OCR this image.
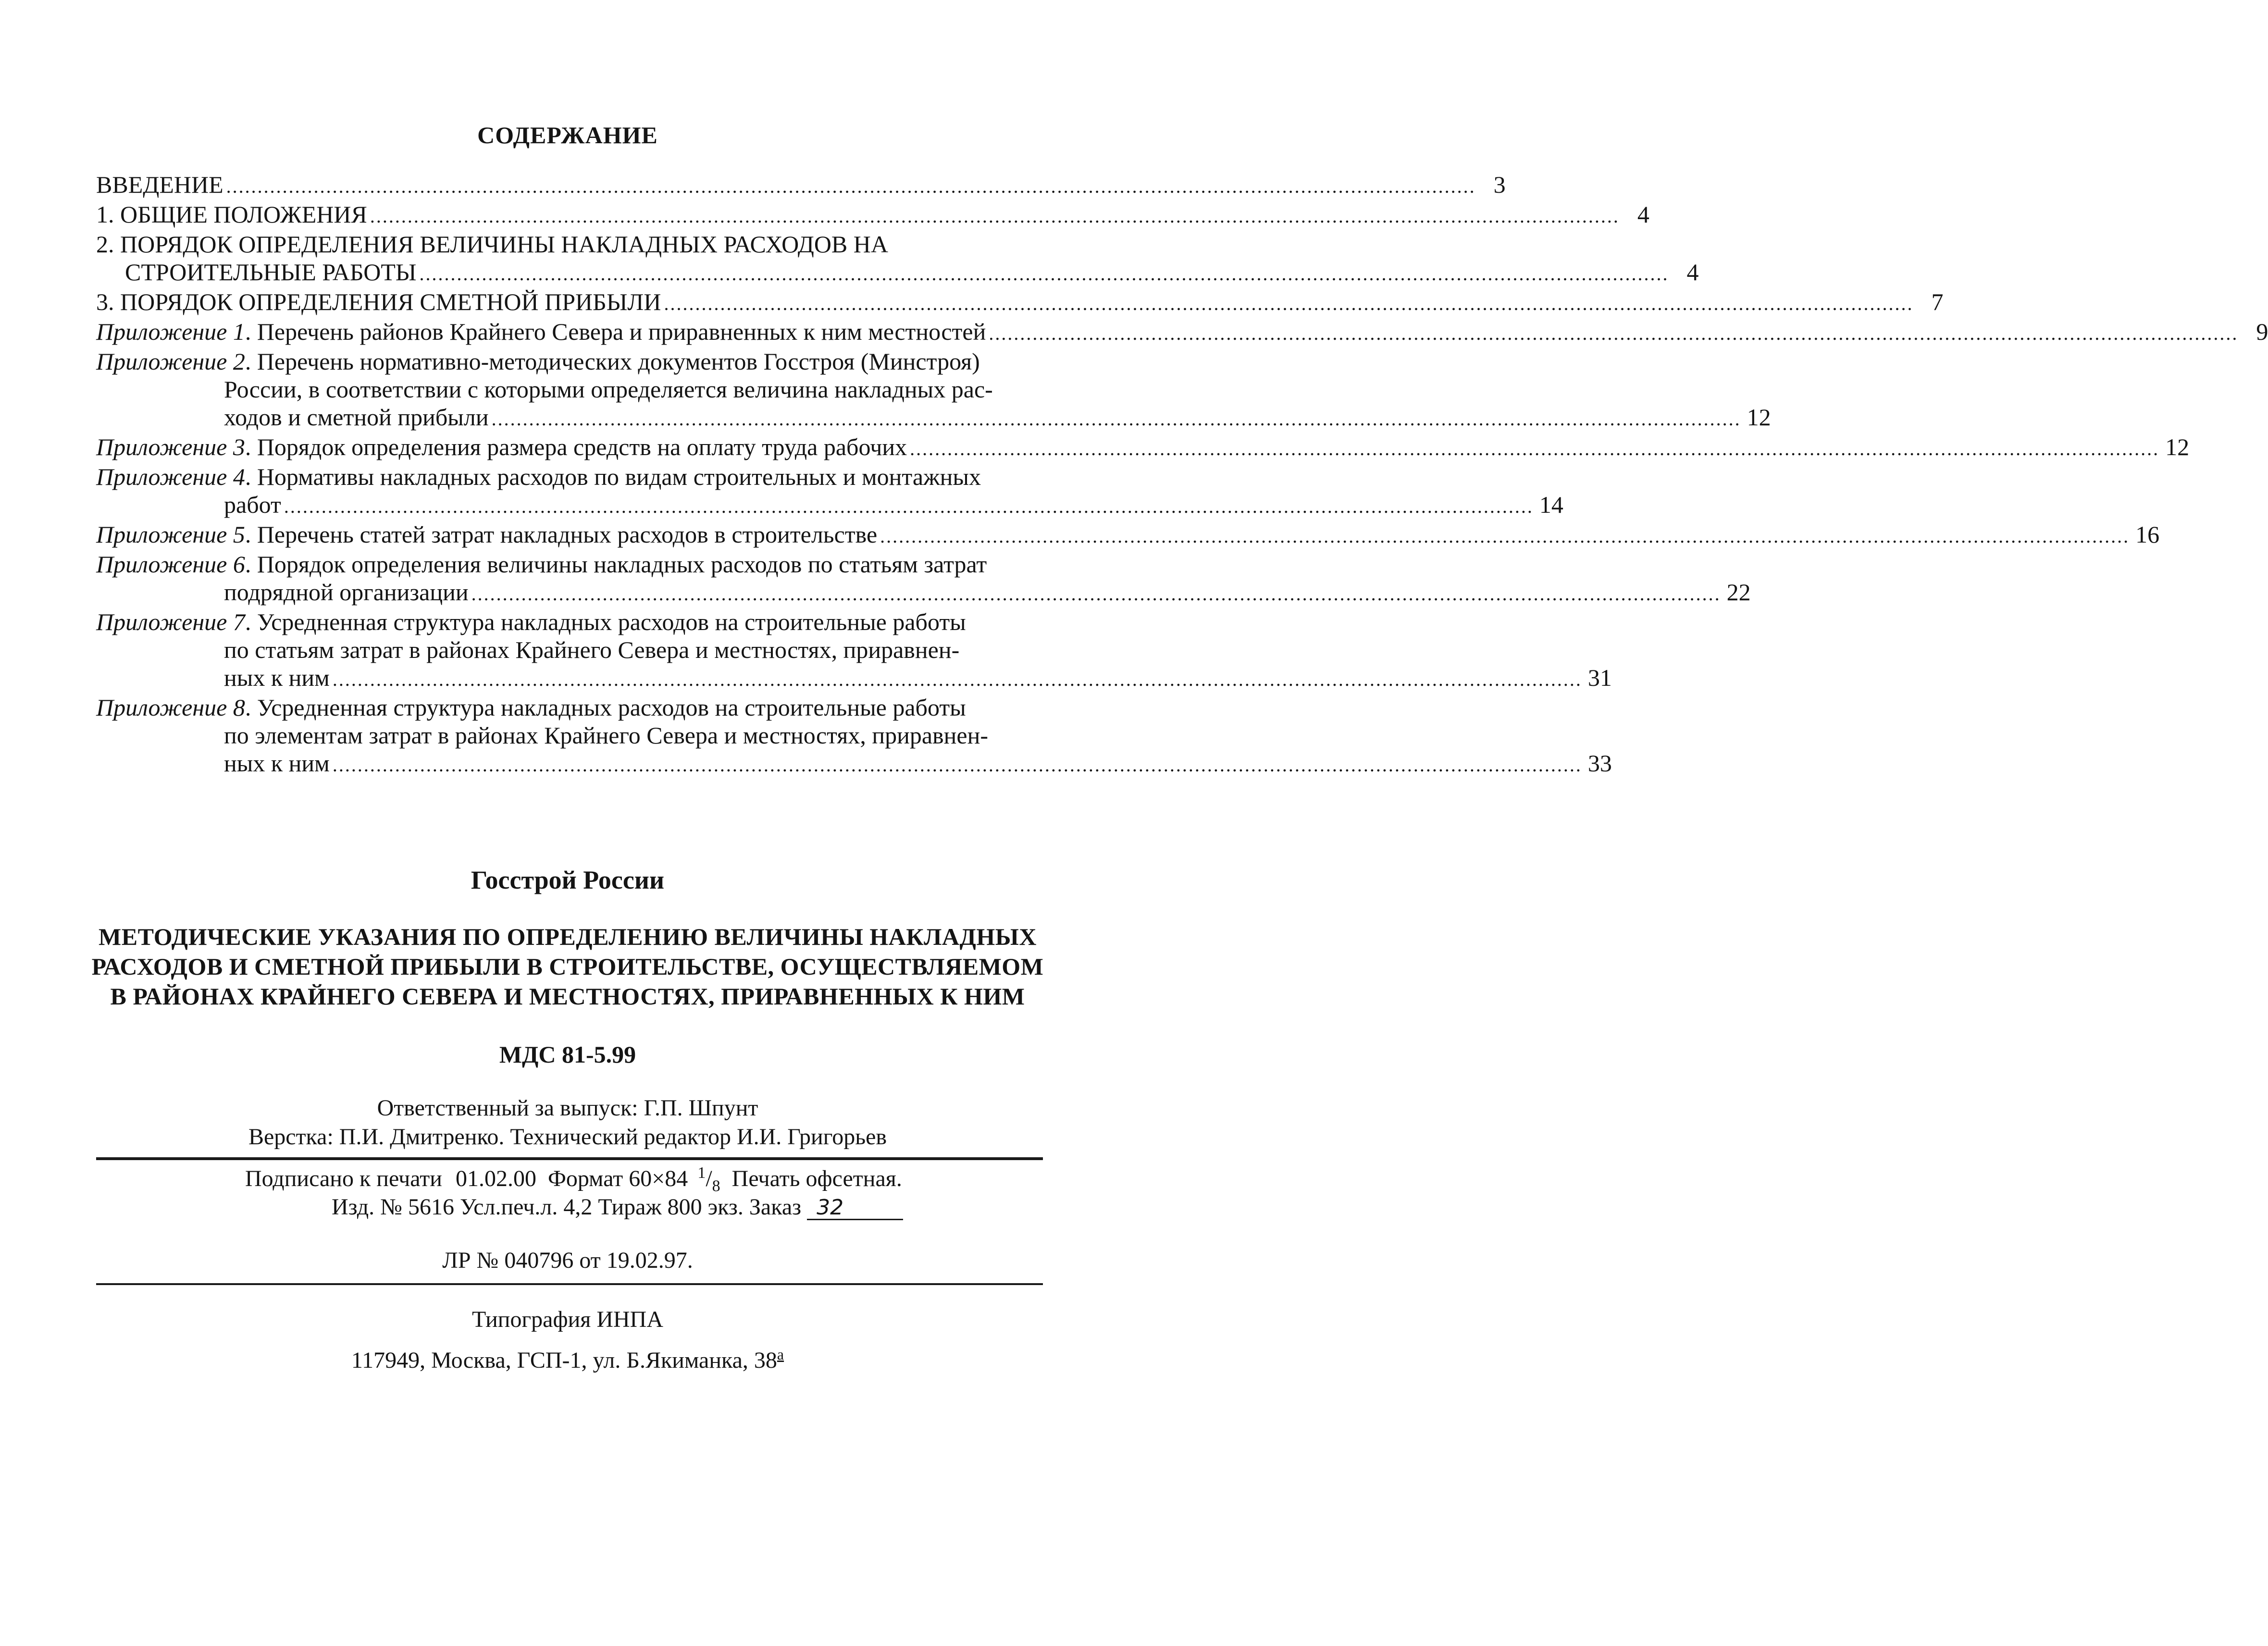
СОДЕРЖАНИЕ
ВВЕДЕНИЕ ........................................................................................................................................................................................................ 3
1. ОБЩИЕ ПОЛОЖЕНИЯ ........................................................................................................................................................................................................ 4
2. ПОРЯДОК ОПРЕДЕЛЕНИЯ ВЕЛИЧИНЫ НАКЛАДНЫХ РАСХОДОВ НА
СТРОИТЕЛЬНЫЕ РАБОТЫ ........................................................................................................................................................................................................ 4
3. ПОРЯДОК ОПРЕДЕЛЕНИЯ СМЕТНОЙ ПРИБЫЛИ ........................................................................................................................................................................................................ 7
Приложение 1. Перечень районов Крайнего Севера и приравненных к ним местностей ........................................................................................................................................................................................................ 9
Приложение 2. Перечень нормативно-методических документов Госстроя (Минстроя)
России, в соответствии с которыми определяется величина накладных рас-
ходов и сметной прибыли ........................................................................................................................................................................................................ 12
Приложение 3. Порядок определения размера средств на оплату труда рабочих ........................................................................................................................................................................................................ 12
Приложение 4. Нормативы накладных расходов по видам строительных и монтажных
работ ........................................................................................................................................................................................................ 14
Приложение 5. Перечень статей затрат накладных расходов в строительстве ........................................................................................................................................................................................................ 16
Приложение 6. Порядок определения величины накладных расходов по статьям затрат
подрядной организации ........................................................................................................................................................................................................ 22
Приложение 7. Усредненная структура накладных расходов на строительные работы
по статьям затрат в районах Крайнего Севера и местностях, приравнен-
ных к ним ........................................................................................................................................................................................................ 31
Приложение 8. Усредненная структура накладных расходов на строительные работы
по элементам затрат в районах Крайнего Севера и местностях, приравнен-
ных к ним ........................................................................................................................................................................................................ 33
Госстрой России
МЕТОДИЧЕСКИЕ УКАЗАНИЯ ПО ОПРЕДЕЛЕНИЮ ВЕЛИЧИНЫ НАКЛАДНЫХ
РАСХОДОВ И СМЕТНОЙ ПРИБЫЛИ В СТРОИТЕЛЬСТВЕ, ОСУЩЕСТВЛЯЕМОМ
В РАЙОНАХ КРАЙНЕГО СЕВЕРА И МЕСТНОСТЯХ, ПРИРАВНЕННЫХ К НИМ
МДС 81-5.99
Ответственный за выпуск: Г.П. Шпунт
Верстка: П.И. Дмитренко. Технический редактор И.И. Григорьев
Подписано к печати 01.02.00 Формат 60×84 $^1/_8$ Печать офсетная.
Изд. № 5616 Усл.печ.л. 4,2 Тираж 800 экз. Заказ 32
ЛР № 040796 от 19.02.97.
Типография ИНПА
117949, Москва, ГСП-1, ул. Б.Якиманка, $38^а$
